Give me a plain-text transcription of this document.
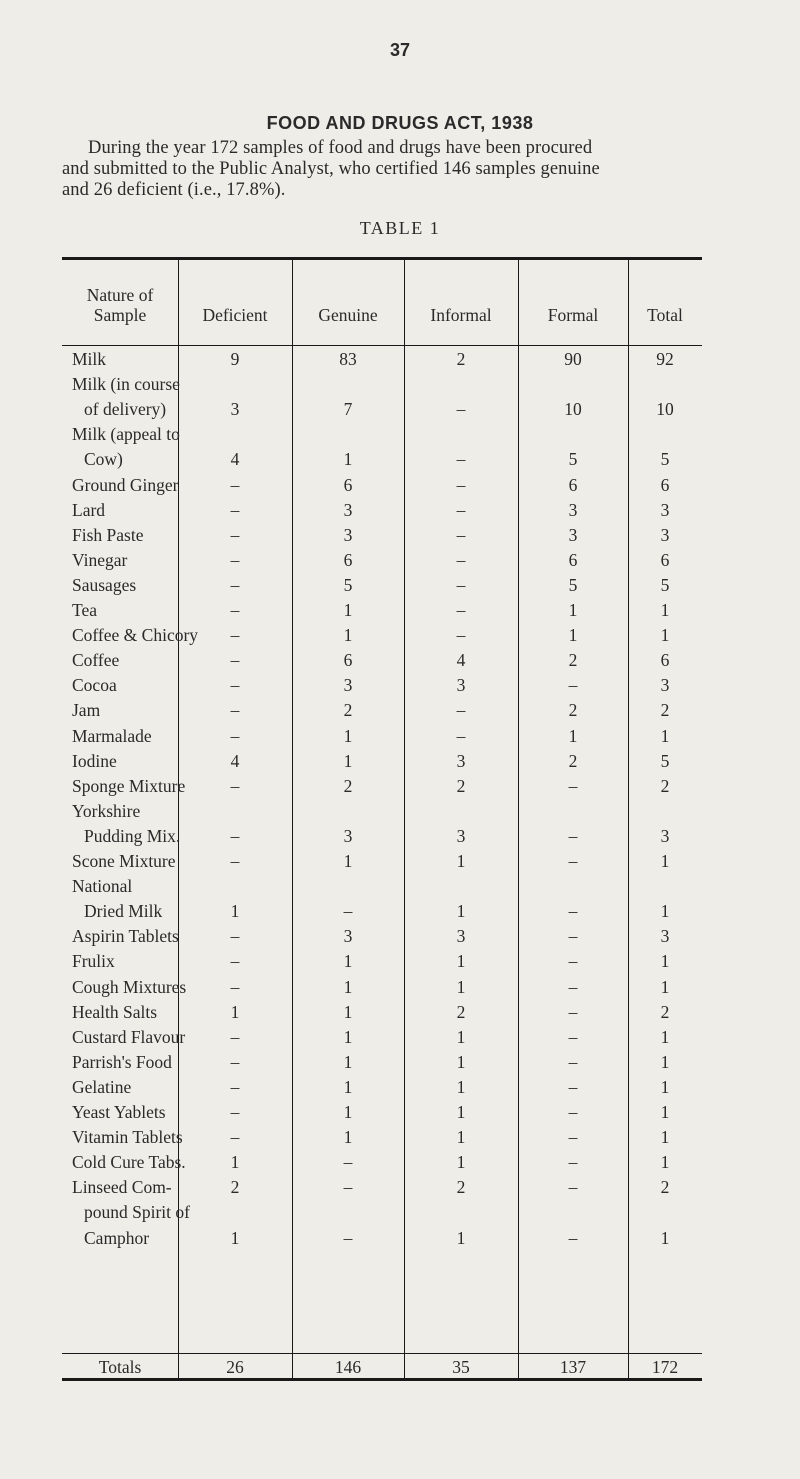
37
FOOD AND DRUGS ACT, 1938
During the year 172 samples of food and drugs have been procured
and submitted to the Public Analyst, who certified 146 samples genuine
and 26 deficient (i.e., 17.8%).
TABLE 1
Nature of
Sample	Deficient	Genuine	Informal	Formal	Total
Milk	9	83	2	90	92
Milk (in course
of delivery)	3	7	–	10	10
Milk (appeal to
Cow)	4	1	–	5	5
Ground Ginger	–	6	–	6	6
Lard	–	3	–	3	3
Fish Paste	–	3	–	3	3
Vinegar	–	6	–	6	6
Sausages	–	5	–	5	5
Tea	–	1	–	1	1
Coffee & Chicory	–	1	–	1	1
Coffee	–	6	4	2	6
Cocoa	–	3	3	–	3
Jam	–	2	–	2	2
Marmalade	–	1	–	1	1
Iodine	4	1	3	2	5
Sponge Mixture	–	2	2	–	2
Yorkshire
Pudding Mix.	–	3	3	–	3
Scone Mixture	–	1	1	–	1
National
Dried Milk	1	–	1	–	1
Aspirin Tablets	–	3	3	–	3
Frulix	–	1	1	–	1
Cough Mixtures	–	1	1	–	1
Health Salts	1	1	2	–	2
Custard Flavour	–	1	1	–	1
Parrish's Food	–	1	1	–	1
Gelatine	–	1	1	–	1
Yeast Yablets	–	1	1	–	1
Vitamin Tablets	–	1	1	–	1
Cold Cure Tabs.	1	–	1	–	1
Linseed Com-	2	–	2	–	2
pound Spirit of
Camphor	1	–	1	–	1
Totals	26	146	35	137	172
